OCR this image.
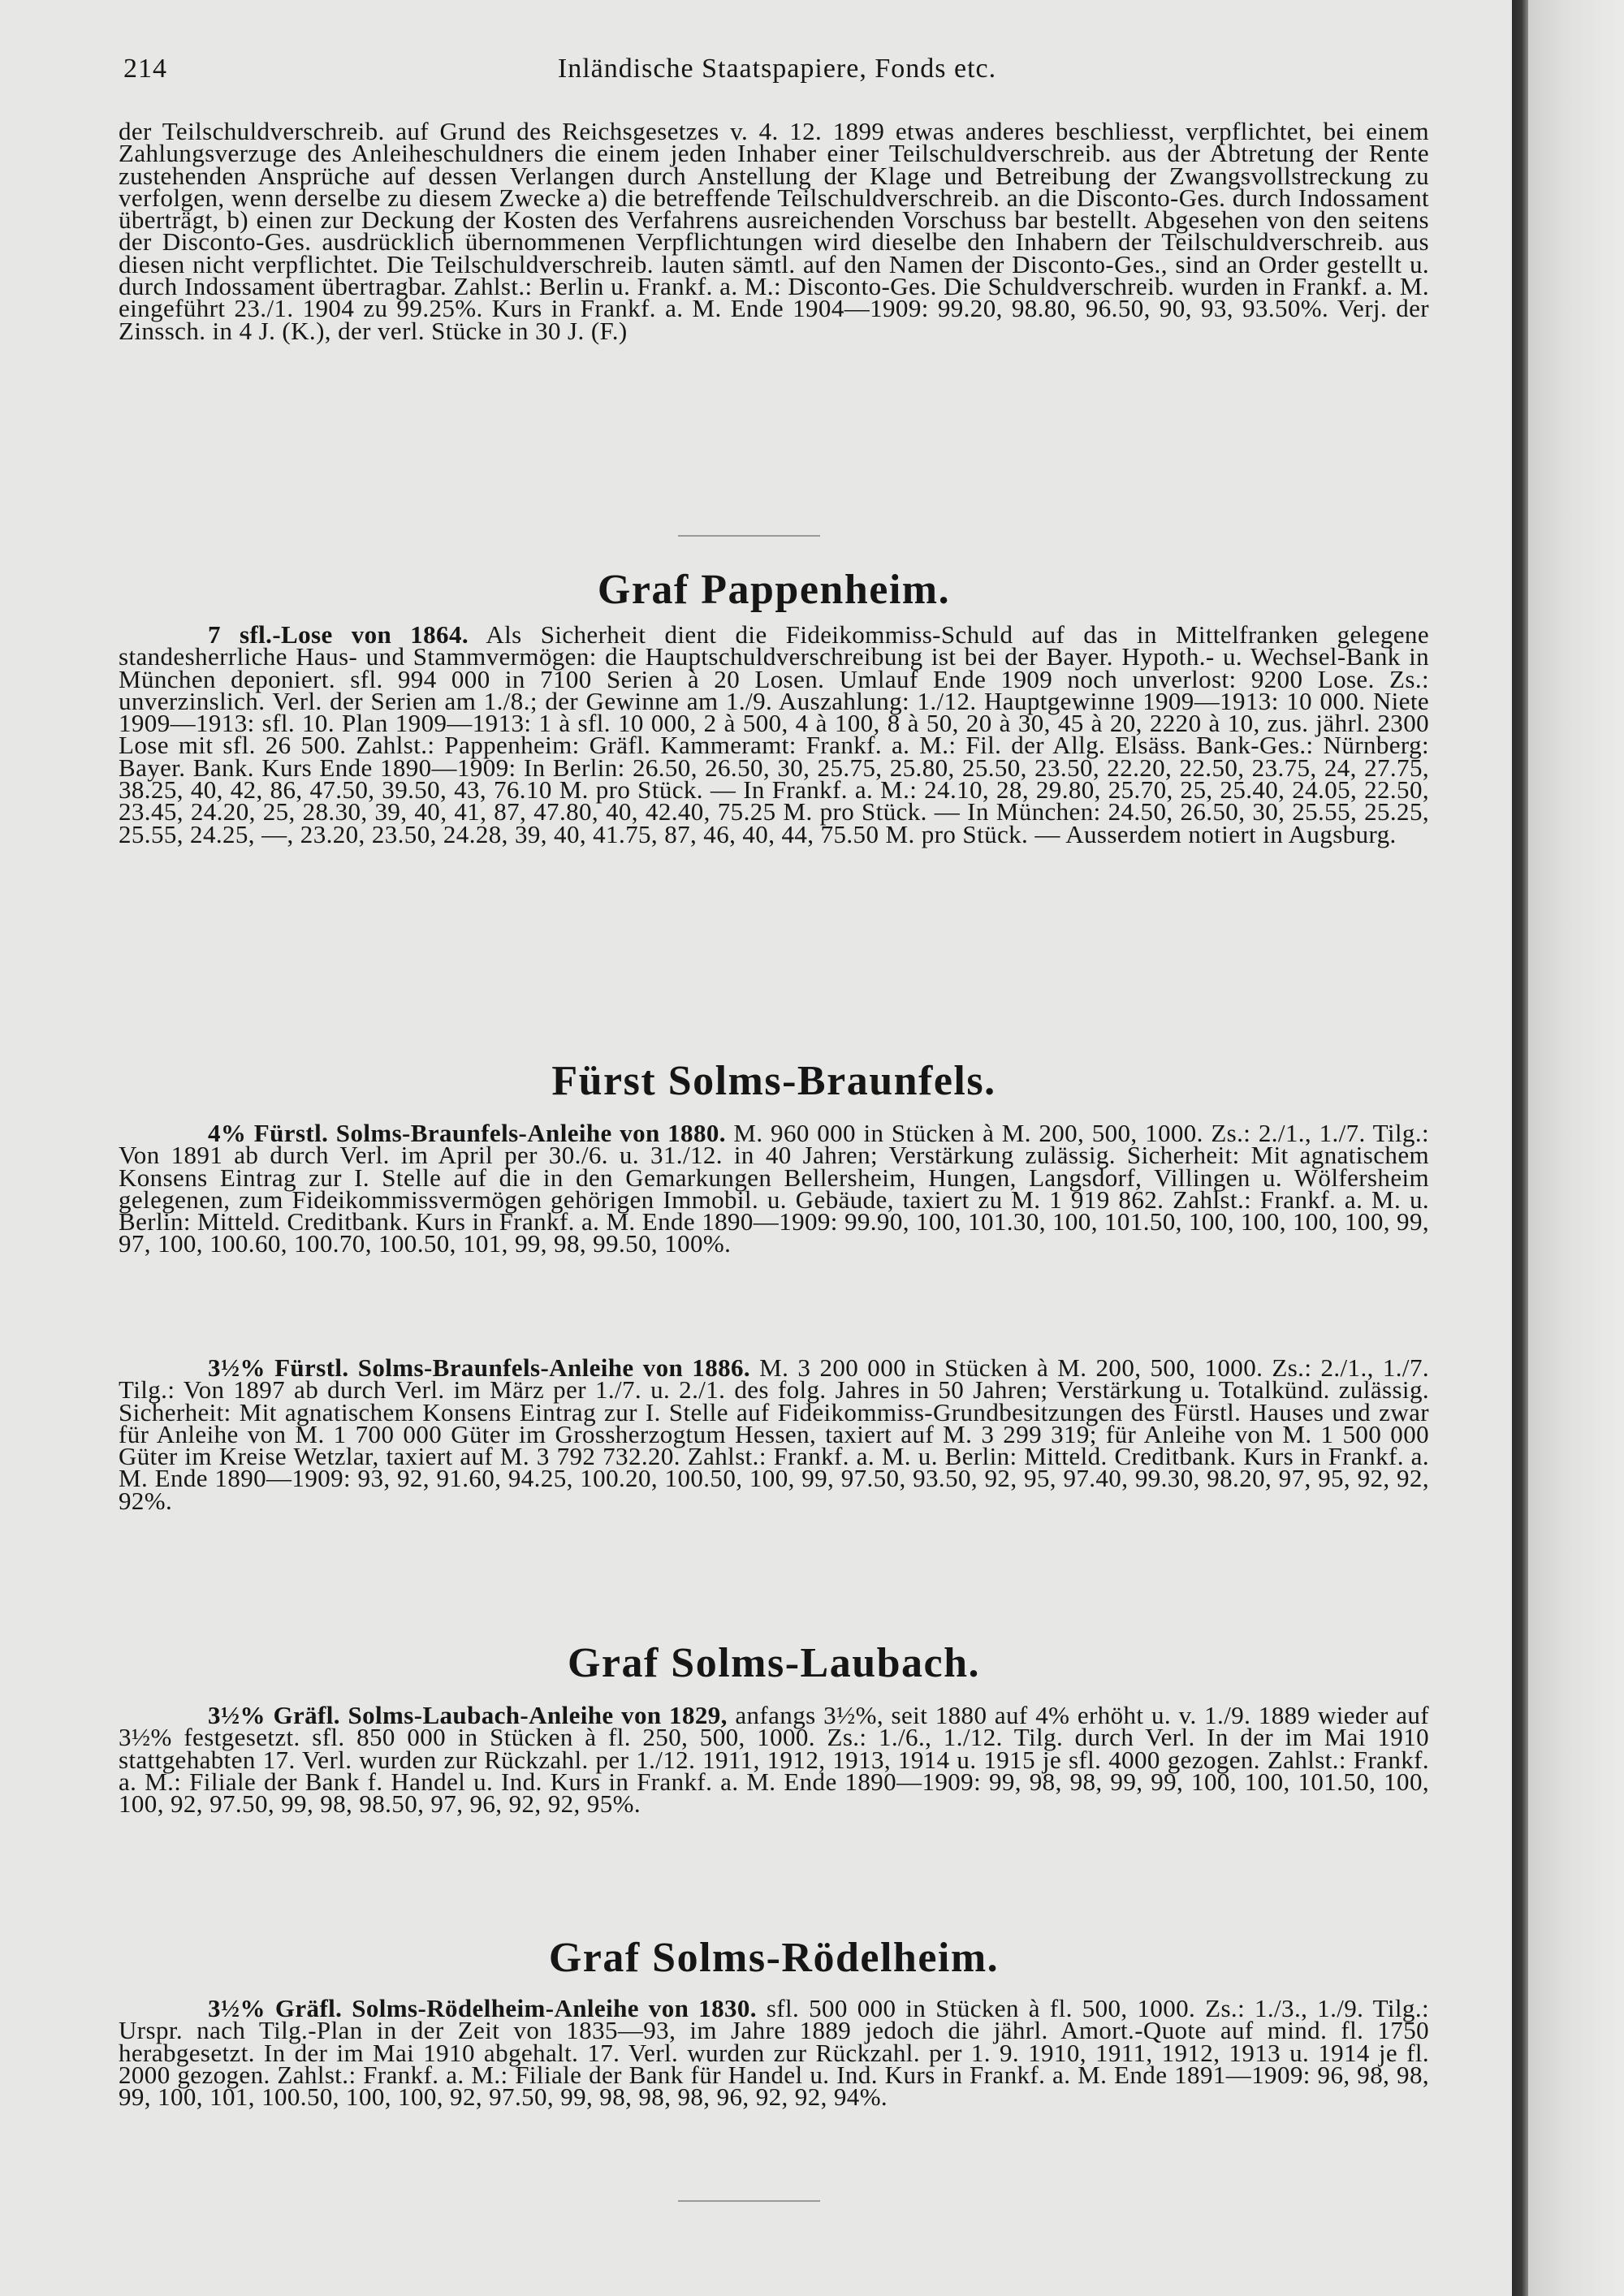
214	Inländische Staatspapiere, Fonds etc.

der Teilschuldverschreib. auf Grund des Reichsgesetzes v. 4. 12. 1899 etwas anderes beschliesst, verpflichtet, bei einem Zahlungsverzuge des Anleiheschuldners die einem jeden Inhaber einer Teilschuldverschreib. aus der Abtretung der Rente zustehenden Ansprüche auf dessen Verlangen durch Anstellung der Klage und Betreibung der Zwangsvollstreckung zu verfolgen, wenn derselbe zu diesem Zwecke a) die betreffende Teilschuldverschreib. an die Disconto-Ges. durch Indossament überträgt, b) einen zur Deckung der Kosten des Verfahrens ausreichenden Vorschuss bar bestellt. Abgesehen von den seitens der Disconto-Ges. ausdrücklich übernommenen Verpflichtungen wird dieselbe den Inhabern der Teilschuldverschreib. aus diesen nicht verpflichtet. Die Teilschuldverschreib. lauten sämtl. auf den Namen der Disconto-Ges., sind an Order gestellt u. durch Indossament übertragbar. Zahlst.: Berlin u. Frankf. a. M.: Disconto-Ges. Die Schuldverschreib. wurden in Frankf. a. M. eingeführt 23./1. 1904 zu 99.25%. Kurs in Frankf. a. M. Ende 1904—1909: 99.20, 98.80, 96.50, 90, 93, 93.50%. Verj. der Zinssch. in 4 J. (K.), der verl. Stücke in 30 J. (F.)

Graf Pappenheim.

7 sfl.-Lose von 1864. Als Sicherheit dient die Fideikommiss-Schuld auf das in Mittelfranken gelegene standesherrliche Haus- und Stammvermögen: die Hauptschuldverschreibung ist bei der Bayer. Hypoth.- u. Wechsel-Bank in München deponiert. sfl. 994 000 in 7100 Serien à 20 Losen. Umlauf Ende 1909 noch unverlost: 9200 Lose. Zs.: unverzinslich. Verl. der Serien am 1./8.; der Gewinne am 1./9. Auszahlung: 1./12. Hauptgewinne 1909—1913: 10 000. Niete 1909—1913: sfl. 10. Plan 1909—1913: 1 à sfl. 10 000, 2 à 500, 4 à 100, 8 à 50, 20 à 30, 45 à 20, 2220 à 10, zus. jährl. 2300 Lose mit sfl. 26 500. Zahlst.: Pappenheim: Gräfl. Kammeramt: Frankf. a. M.: Fil. der Allg. Elsäss. Bank-Ges.: Nürnberg: Bayer. Bank. Kurs Ende 1890—1909: In Berlin: 26.50, 26.50, 30, 25.75, 25.80, 25.50, 23.50, 22.20, 22.50, 23.75, 24, 27.75, 38.25, 40, 42, 86, 47.50, 39.50, 43, 76.10 M. pro Stück. — In Frankf. a. M.: 24.10, 28, 29.80, 25.70, 25, 25.40, 24.05, 22.50, 23.45, 24.20, 25, 28.30, 39, 40, 41, 87, 47.80, 40, 42.40, 75.25 M. pro Stück. — In München: 24.50, 26.50, 30, 25.55, 25.25, 25.55, 24.25, —, 23.20, 23.50, 24.28, 39, 40, 41.75, 87, 46, 40, 44, 75.50 M. pro Stück. — Ausserdem notiert in Augsburg.

Fürst Solms-Braunfels.

4% Fürstl. Solms-Braunfels-Anleihe von 1880. M. 960 000 in Stücken à M. 200, 500, 1000. Zs.: 2./1., 1./7. Tilg.: Von 1891 ab durch Verl. im April per 30./6. u. 31./12. in 40 Jahren; Verstärkung zulässig. Sicherheit: Mit agnatischem Konsens Eintrag zur I. Stelle auf die in den Gemarkungen Bellersheim, Hungen, Langsdorf, Villingen u. Wölfersheim gelegenen, zum Fideikommissvermögen gehörigen Immobil. u. Gebäude, taxiert zu M. 1 919 862. Zahlst.: Frankf. a. M. u. Berlin: Mitteld. Creditbank. Kurs in Frankf. a. M. Ende 1890—1909: 99.90, 100, 101.30, 100, 101.50, 100, 100, 100, 100, 99, 97, 100, 100.60, 100.70, 100.50, 101, 99, 98, 99.50, 100%.

3½% Fürstl. Solms-Braunfels-Anleihe von 1886. M. 3 200 000 in Stücken à M. 200, 500, 1000. Zs.: 2./1., 1./7. Tilg.: Von 1897 ab durch Verl. im März per 1./7. u. 2./1. des folg. Jahres in 50 Jahren; Verstärkung u. Totalkünd. zulässig. Sicherheit: Mit agnatischem Konsens Eintrag zur I. Stelle auf Fideikommiss-Grundbesitzungen des Fürstl. Hauses und zwar für Anleihe von M. 1 700 000 Güter im Grossherzogtum Hessen, taxiert auf M. 3 299 319; für Anleihe von M. 1 500 000 Güter im Kreise Wetzlar, taxiert auf M. 3 792 732.20. Zahlst.: Frankf. a. M. u. Berlin: Mitteld. Creditbank. Kurs in Frankf. a. M. Ende 1890—1909: 93, 92, 91.60, 94.25, 100.20, 100.50, 100, 99, 97.50, 93.50, 92, 95, 97.40, 99.30, 98.20, 97, 95, 92, 92, 92%.

Graf Solms-Laubach.

3½% Gräfl. Solms-Laubach-Anleihe von 1829, anfangs 3½%, seit 1880 auf 4% erhöht u. v. 1./9. 1889 wieder auf 3½% festgesetzt. sfl. 850 000 in Stücken à fl. 250, 500, 1000. Zs.: 1./6., 1./12. Tilg. durch Verl. In der im Mai 1910 stattgehabten 17. Verl. wurden zur Rückzahl. per 1./12. 1911, 1912, 1913, 1914 u. 1915 je sfl. 4000 gezogen. Zahlst.: Frankf. a. M.: Filiale der Bank f. Handel u. Ind. Kurs in Frankf. a. M. Ende 1890—1909: 99, 98, 98, 99, 99, 100, 100, 101.50, 100, 100, 92, 97.50, 99, 98, 98.50, 97, 96, 92, 92, 95%.

Graf Solms-Rödelheim.

3½% Gräfl. Solms-Rödelheim-Anleihe von 1830. sfl. 500 000 in Stücken à fl. 500, 1000. Zs.: 1./3., 1./9. Tilg.: Urspr. nach Tilg.-Plan in der Zeit von 1835—93, im Jahre 1889 jedoch die jährl. Amort.-Quote auf mind. fl. 1750 herabgesetzt. In der im Mai 1910 abgehalt. 17. Verl. wurden zur Rückzahl. per 1. 9. 1910, 1911, 1912, 1913 u. 1914 je fl. 2000 gezogen. Zahlst.: Frankf. a. M.: Filiale der Bank für Handel u. Ind. Kurs in Frankf. a. M. Ende 1891—1909: 96, 98, 98, 99, 100, 101, 100.50, 100, 100, 92, 97.50, 99, 98, 98, 98, 96, 92, 92, 94%.
